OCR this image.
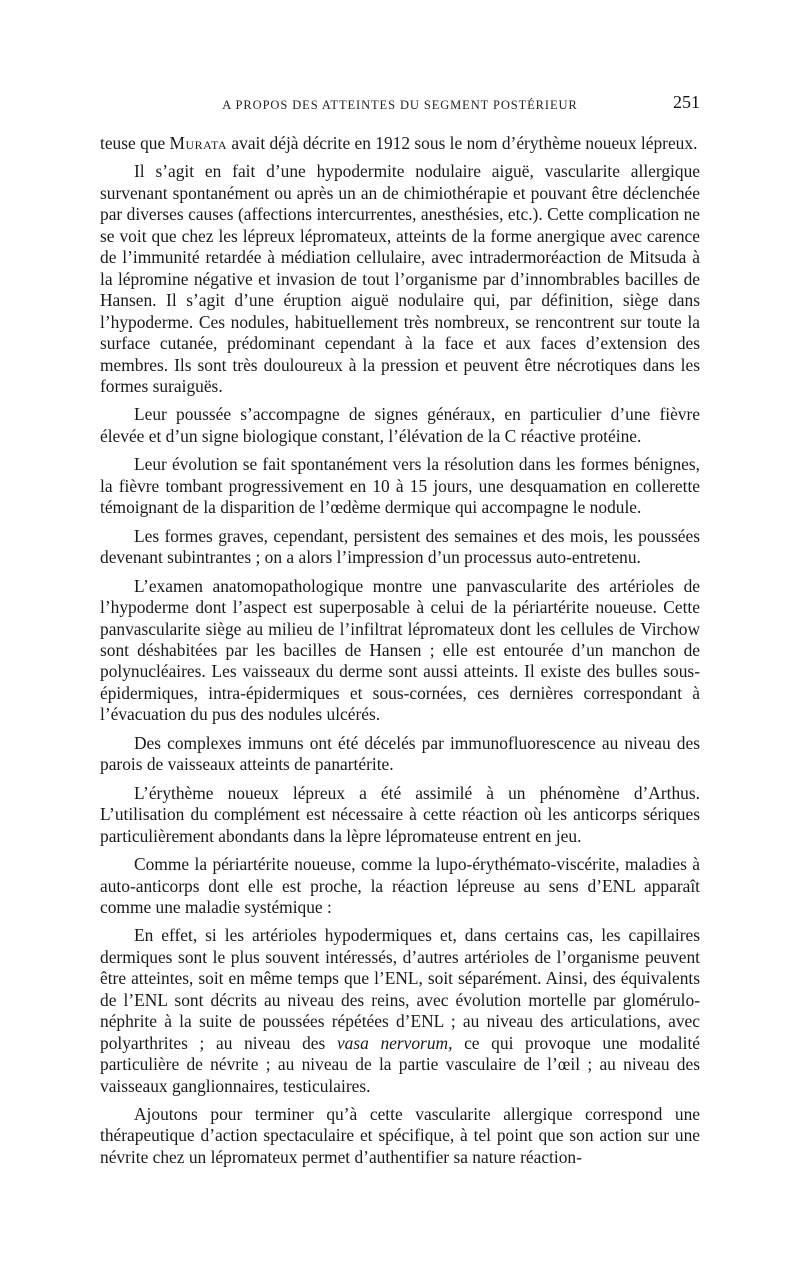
A PROPOS DES ATTEINTES DU SEGMENT POSTÉRIEUR	251

teuse que Murata avait déjà décrite en 1912 sous le nom d’érythème noueux lépreux.

Il s’agit en fait d’une hypodermite nodulaire aiguë, vascularite allergique survenant spontanément ou après un an de chimiothérapie et pouvant être déclenchée par diverses causes (affections intercurrentes, anesthésies, etc.). Cette complication ne se voit que chez les lépreux lépromateux, atteints de la forme anergique avec carence de l’immunité retardée à médiation cellulaire, avec intradermoréaction de Mitsuda à la lépromine négative et invasion de tout l’organisme par d’innombrables bacilles de Hansen. Il s’agit d’une éruption aiguë nodulaire qui, par définition, siège dans l’hypoderme. Ces nodules, habituellement très nombreux, se rencontrent sur toute la surface cutanée, prédominant cependant à la face et aux faces d’extension des membres. Ils sont très douloureux à la pression et peuvent être nécrotiques dans les formes suraiguës.

Leur poussée s’accompagne de signes généraux, en particulier d’une fièvre élevée et d’un signe biologique constant, l’élévation de la C réactive protéine.

Leur évolution se fait spontanément vers la résolution dans les formes bénignes, la fièvre tombant progressivement en 10 à 15 jours, une desquamation en collerette témoignant de la disparition de l’œdème dermique qui accompagne le nodule.

Les formes graves, cependant, persistent des semaines et des mois, les poussées devenant subintrantes ; on a alors l’impression d’un processus auto-entretenu.

L’examen anatomopathologique montre une panvascularite des artérioles de l’hypoderme dont l’aspect est superposable à celui de la périartérite noueuse. Cette panvascularite siège au milieu de l’infiltrat lépromateux dont les cellules de Virchow sont déshabitées par les bacilles de Hansen ; elle est entourée d’un manchon de polynucléaires. Les vaisseaux du derme sont aussi atteints. Il existe des bulles sous-épidermiques, intra-épidermiques et sous-cornées, ces dernières correspondant à l’évacuation du pus des nodules ulcérés.

Des complexes immuns ont été décelés par immunofluorescence au niveau des parois de vaisseaux atteints de panartérite.

L’érythème noueux lépreux a été assimilé à un phénomène d’Arthus. L’utilisation du complément est nécessaire à cette réaction où les anticorps sériques particulièrement abondants dans la lèpre lépromateuse entrent en jeu.

Comme la périartérite noueuse, comme la lupo-érythémato-viscérite, maladies à auto-anticorps dont elle est proche, la réaction lépreuse au sens d’ENL apparaît comme une maladie systémique :

En effet, si les artérioles hypodermiques et, dans certains cas, les capillaires dermiques sont le plus souvent intéressés, d’autres artérioles de l’organisme peuvent être atteintes, soit en même temps que l’ENL, soit séparément. Ainsi, des équivalents de l’ENL sont décrits au niveau des reins, avec évolution mortelle par glomérulo-néphrite à la suite de poussées répétées d’ENL ; au niveau des articulations, avec polyarthrites ; au niveau des vasa nervorum, ce qui provoque une modalité particulière de névrite ; au niveau de la partie vasculaire de l’œil ; au niveau des vaisseaux ganglionnaires, testiculaires.

Ajoutons pour terminer qu’à cette vascularite allergique correspond une thérapeutique d’action spectaculaire et spécifique, à tel point que son action sur une névrite chez un lépromateux permet d’authentifier sa nature réaction-
